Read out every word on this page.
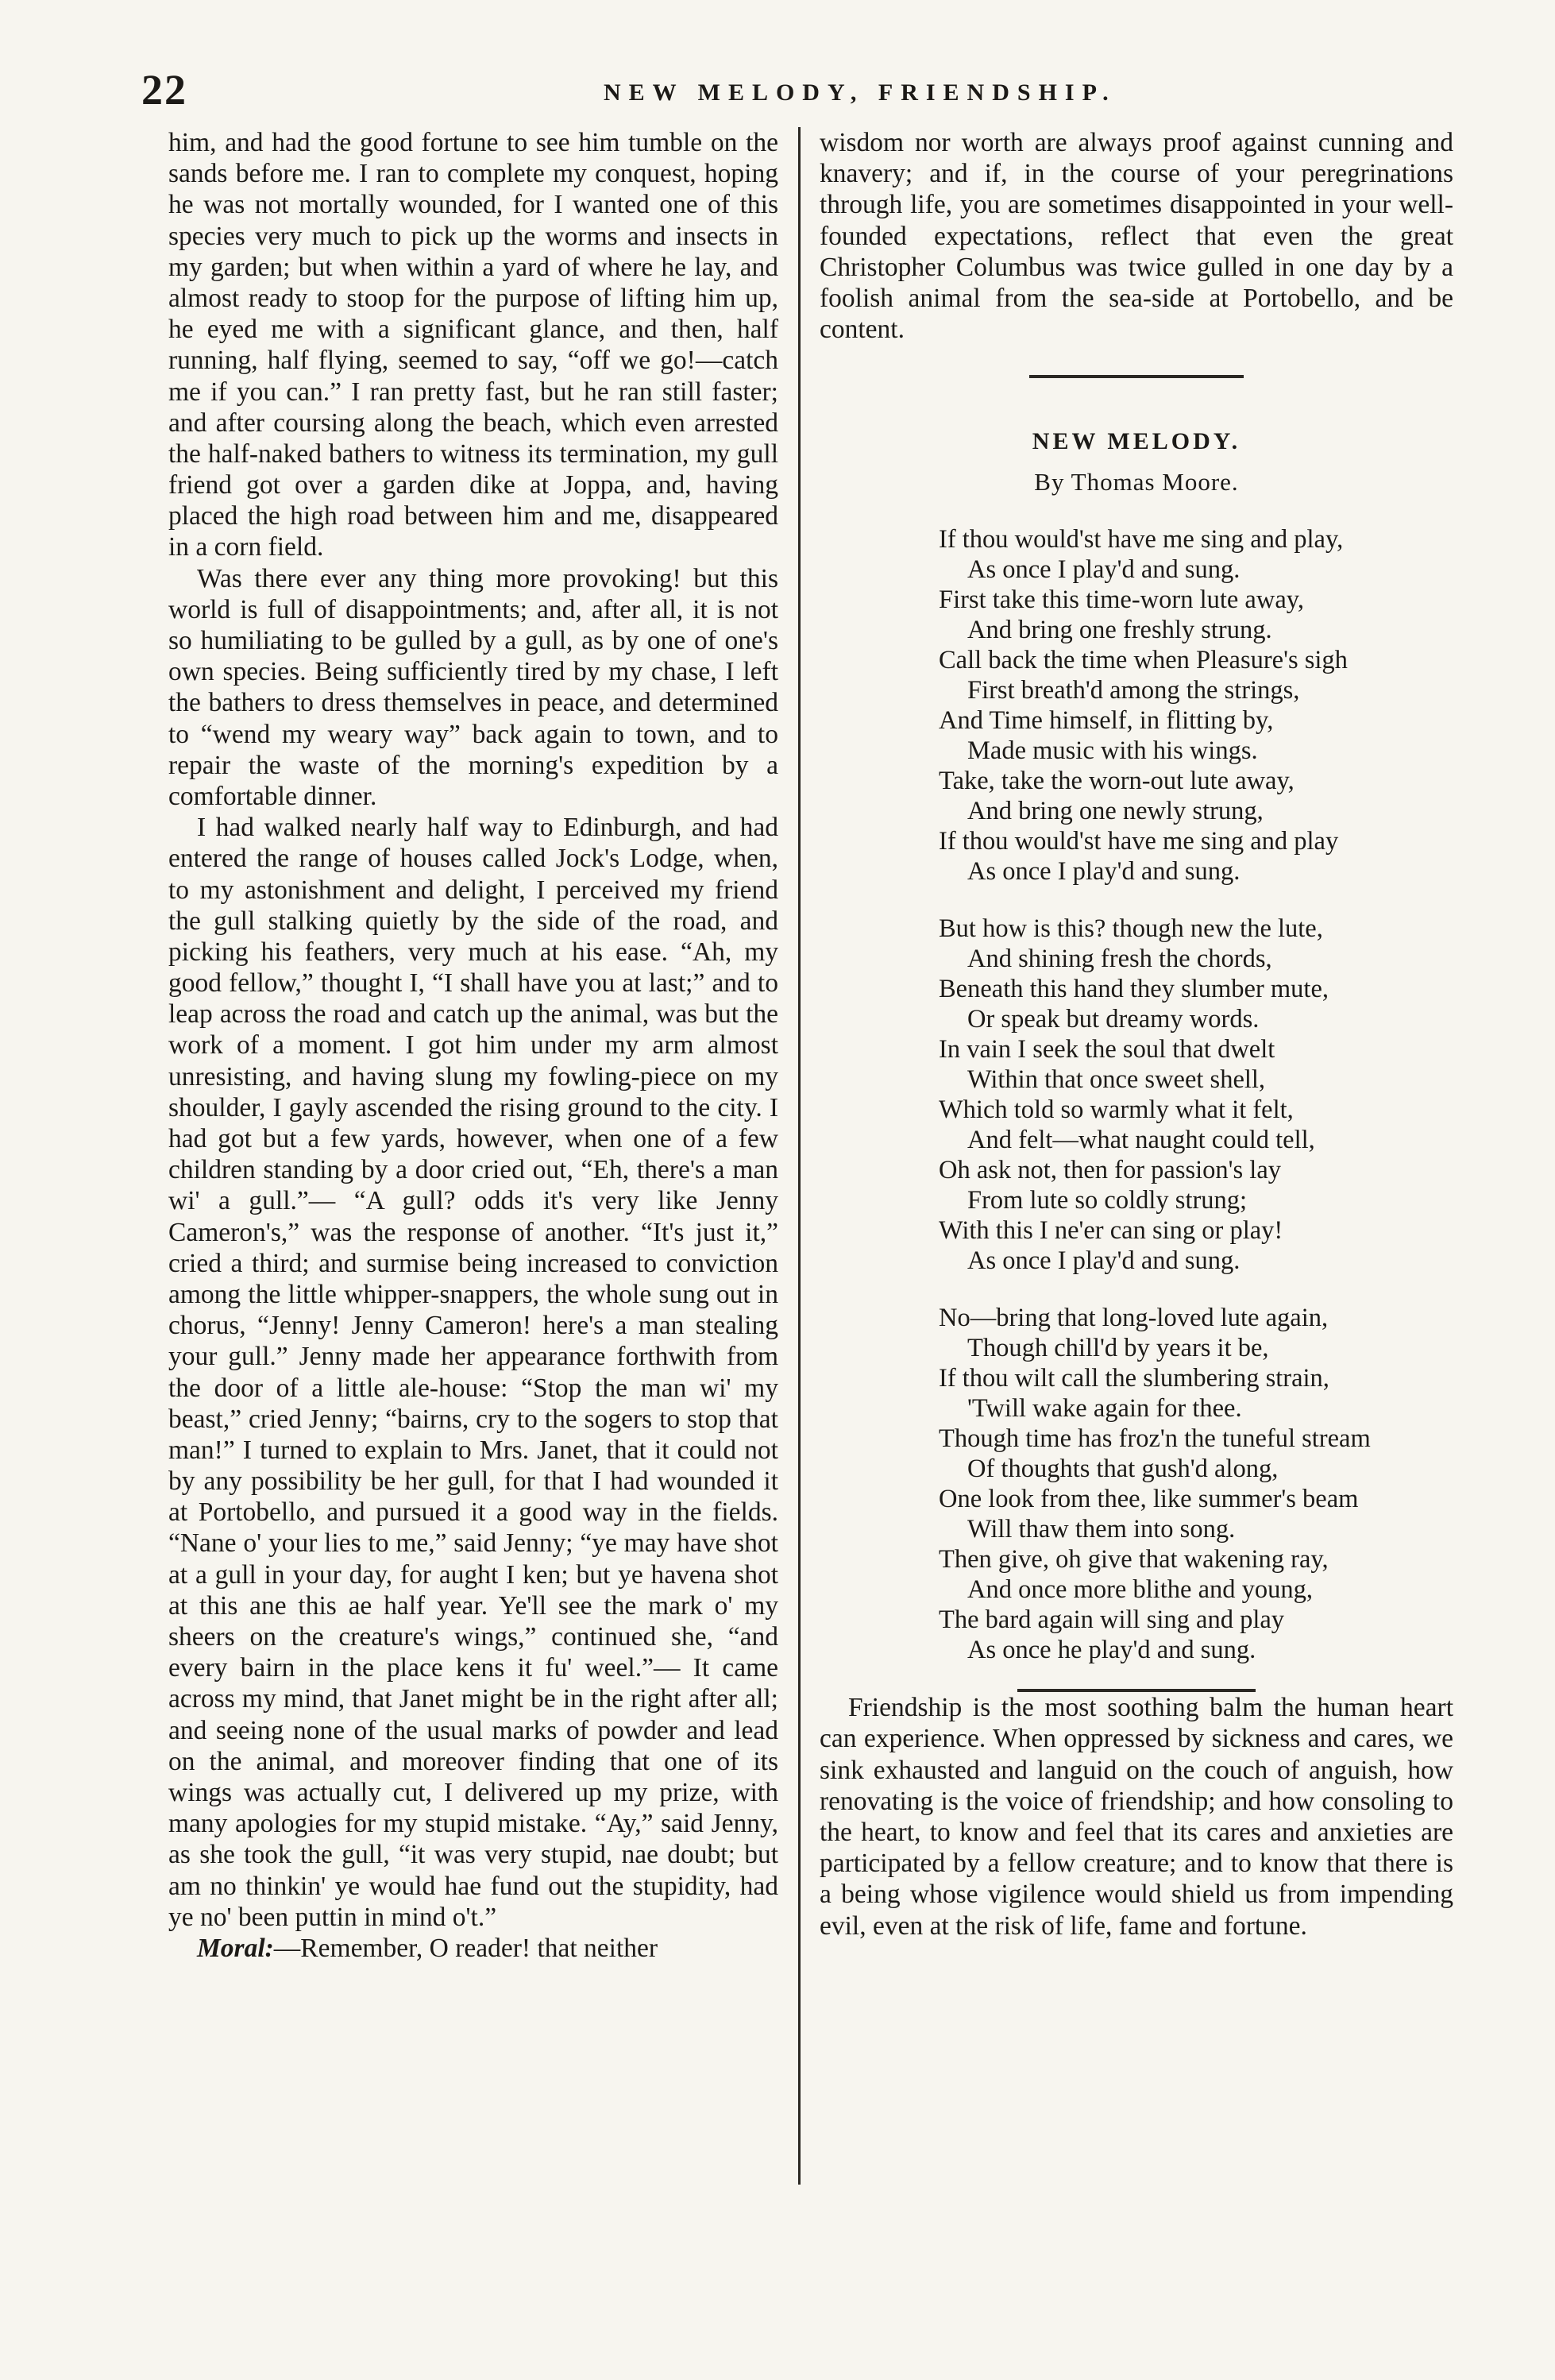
22	NEW MELODY, FRIENDSHIP.

him, and had the good fortune to see him tumble on the sands before me. I ran to complete my conquest, hoping he was not mortally wounded, for I wanted one of this species very much to pick up the worms and insects in my garden; but when within a yard of where he lay, and almost ready to stoop for the purpose of lifting him up, he eyed me with a significant glance, and then, half running, half flying, seemed to say, “off we go!—catch me if you can.” I ran pretty fast, but he ran still faster; and after coursing along the beach, which even arrested the half-naked bathers to witness its termination, my gull friend got over a garden dike at Joppa, and, having placed the high road between him and me, disappeared in a corn field.

Was there ever any thing more provoking! but this world is full of disappointments; and, after all, it is not so humiliating to be gulled by a gull, as by one of one's own species. Being sufficiently tired by my chase, I left the bathers to dress themselves in peace, and determined to “wend my weary way” back again to town, and to repair the waste of the morning's expedition by a comfortable dinner.

I had walked nearly half way to Edinburgh, and had entered the range of houses called Jock's Lodge, when, to my astonishment and delight, I perceived my friend the gull stalking quietly by the side of the road, and picking his feathers, very much at his ease. “Ah, my good fellow,” thought I, “I shall have you at last;” and to leap across the road and catch up the animal, was but the work of a moment. I got him under my arm almost unresisting, and having slung my fowling-piece on my shoulder, I gayly ascended the rising ground to the city. I had got but a few yards, however, when one of a few children standing by a door cried out, “Eh, there's a man wi' a gull.”— “A gull? odds it's very like Jenny Cameron's,” was the response of another. “It's just it,” cried a third; and surmise being increased to conviction among the little whipper-snappers, the whole sung out in chorus, “Jenny! Jenny Cameron! here's a man stealing your gull.” Jenny made her appearance forthwith from the door of a little ale-house: “Stop the man wi' my beast,” cried Jenny; “bairns, cry to the sogers to stop that man!” I turned to explain to Mrs. Janet, that it could not by any possibility be her gull, for that I had wounded it at Portobello, and pursued it a good way in the fields. “Nane o' your lies to me,” said Jenny; “ye may have shot at a gull in your day, for aught I ken; but ye havena shot at this ane this ae half year. Ye'll see the mark o' my sheers on the creature's wings,” continued she, “and every bairn in the place kens it fu' weel.”— It came across my mind, that Janet might be in the right after all; and seeing none of the usual marks of powder and lead on the animal, and moreover finding that one of its wings was actually cut, I delivered up my prize, with many apologies for my stupid mistake. “Ay,” said Jenny, as she took the gull, “it was very stupid, nae doubt; but am no thinkin' ye would hae fund out the stupidity, had ye no' been puttin in mind o't.”

Moral:—Remember, O reader! that neither

wisdom nor worth are always proof against cunning and knavery; and if, in the course of your peregrinations through life, you are sometimes disappointed in your well-founded expectations, reflect that even the great Christopher Columbus was twice gulled in one day by a foolish animal from the sea-side at Portobello, and be content.

NEW MELODY.
By Thomas Moore.
If thou would'st have me sing and play,
As once I play'd and sung.
First take this time-worn lute away,
And bring one freshly strung.
Call back the time when Pleasure's sigh
First breath'd among the strings,
And Time himself, in flitting by,
Made music with his wings.
Take, take the worn-out lute away,
And bring one newly strung,
If thou would'st have me sing and play
As once I play'd and sung.
But how is this? though new the lute,
And shining fresh the chords,
Beneath this hand they slumber mute,
Or speak but dreamy words.
In vain I seek the soul that dwelt
Within that once sweet shell,
Which told so warmly what it felt,
And felt—what naught could tell,
Oh ask not, then for passion's lay
From lute so coldly strung;
With this I ne'er can sing or play!
As once I play'd and sung.
No—bring that long-loved lute again,
Though chill'd by years it be,
If thou wilt call the slumbering strain,
'Twill wake again for thee.
Though time has froz'n the tuneful stream
Of thoughts that gush'd along,
One look from thee, like summer's beam
Will thaw them into song.
Then give, oh give that wakening ray,
And once more blithe and young,
The bard again will sing and play
As once he play'd and sung.

Friendship is the most soothing balm the human heart can experience. When oppressed by sickness and cares, we sink exhausted and languid on the couch of anguish, how renovating is the voice of friendship; and how consoling to the heart, to know and feel that its cares and anxieties are participated by a fellow creature; and to know that there is a being whose vigilence would shield us from impending evil, even at the risk of life, fame and fortune.
